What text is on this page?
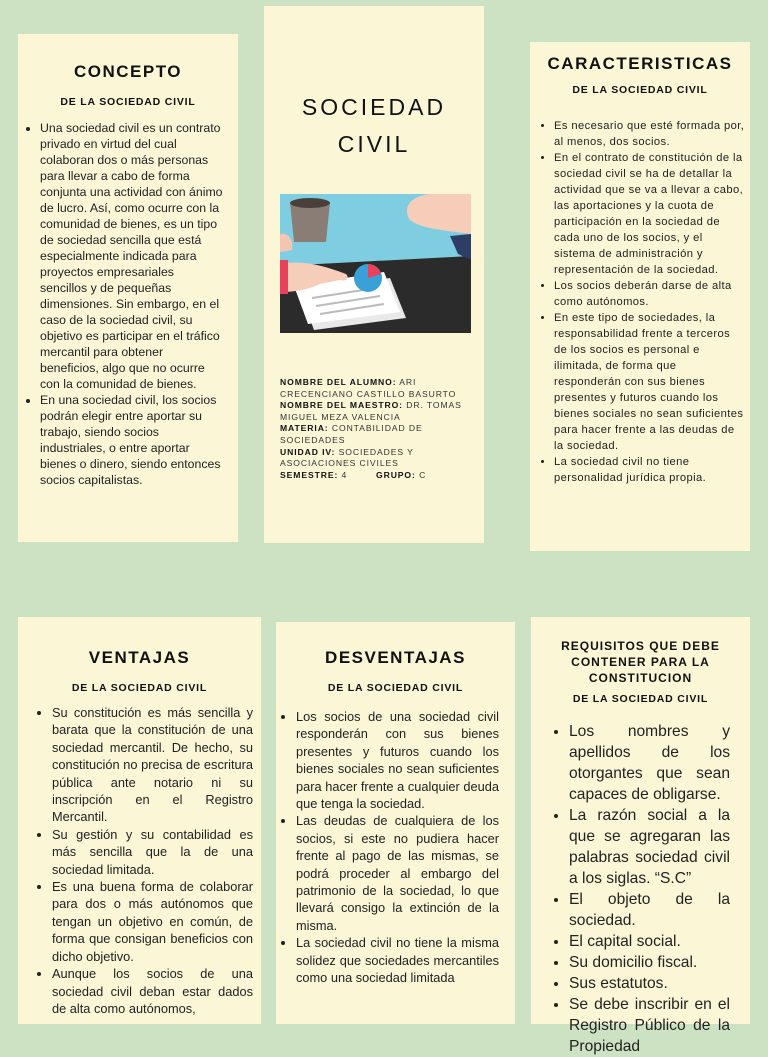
CONCEPTO
DE LA SOCIEDAD CIVIL
• Una sociedad civil es un contrato privado en virtud del cual colaboran dos o más personas para llevar a cabo de forma conjunta una actividad con ánimo de lucro. Así, como ocurre con la comunidad de bienes, es un tipo de sociedad sencilla que está especialmente indicada para proyectos empresariales sencillos y de pequeñas dimensiones. Sin embargo, en el caso de la sociedad civil, su objetivo es participar en el tráfico mercantil para obtener beneficios, algo que no ocurre con la comunidad de bienes.
• En una sociedad civil, los socios podrán elegir entre aportar su trabajo, siendo socios industriales, o entre aportar bienes o dinero, siendo entonces socios capitalistas.
SOCIEDAD
CIVIL
NOMBRE DEL ALUMNO: ARI CRECENCIANO CASTILLO BASURTO
NOMBRE DEL MAESTRO: DR. TOMAS MIGUEL MEZA VALENCIA
MATERIA: CONTABILIDAD DE SOCIEDADES
UNIDAD IV: SOCIEDADES Y ASOCIACIONES CIVILES
SEMESTRE: 4	GRUPO: C
CARACTERISTICAS
DE LA SOCIEDAD CIVIL
• Es necesario que esté formada por, al menos, dos socios.
• En el contrato de constitución de la sociedad civil se ha de detallar la actividad que se va a llevar a cabo, las aportaciones y la cuota de participación en la sociedad de cada uno de los socios, y el sistema de administración y representación de la sociedad.
• Los socios deberán darse de alta como autónomos.
• En este tipo de sociedades, la responsabilidad frente a terceros de los socios es personal e ilimitada, de forma que responderán con sus bienes presentes y futuros cuando los bienes sociales no sean suficientes para hacer frente a las deudas de la sociedad.
• La sociedad civil no tiene personalidad jurídica propia.
VENTAJAS
DE LA SOCIEDAD CIVIL
• Su constitución es más sencilla y barata que la constitución de una sociedad mercantil. De hecho, su constitución no precisa de escritura pública ante notario ni su inscripción en el Registro Mercantil.
• Su gestión y su contabilidad es más sencilla que la de una sociedad limitada.
• Es una buena forma de colaborar para dos o más autónomos que tengan un objetivo en común, de forma que consigan beneficios con dicho objetivo.
• Aunque los socios de una sociedad civil deban estar dados de alta como autónomos,
DESVENTAJAS
DE LA SOCIEDAD CIVIL
• Los socios de una sociedad civil responderán con sus bienes presentes y futuros cuando los bienes sociales no sean suficientes para hacer frente a cualquier deuda que tenga la sociedad.
• Las deudas de cualquiera de los socios, si este no pudiera hacer frente al pago de las mismas, se podrá proceder al embargo del patrimonio de la sociedad, lo que llevará consigo la extinción de la misma.
• La sociedad civil no tiene la misma solidez que sociedades mercantiles como una sociedad limitada
REQUISITOS QUE DEBE CONTENER PARA LA CONSTITUCION
DE LA SOCIEDAD CIVIL
• Los nombres y apellidos de los otorgantes que sean capaces de obligarse.
• La razón social a la que se agregaran las palabras sociedad civil a los siglas. “S.C”
• El objeto de la sociedad.
• El capital social.
• Su domicilio fiscal.
• Sus estatutos.
• Se debe inscribir en el Registro Público de la Propiedad
